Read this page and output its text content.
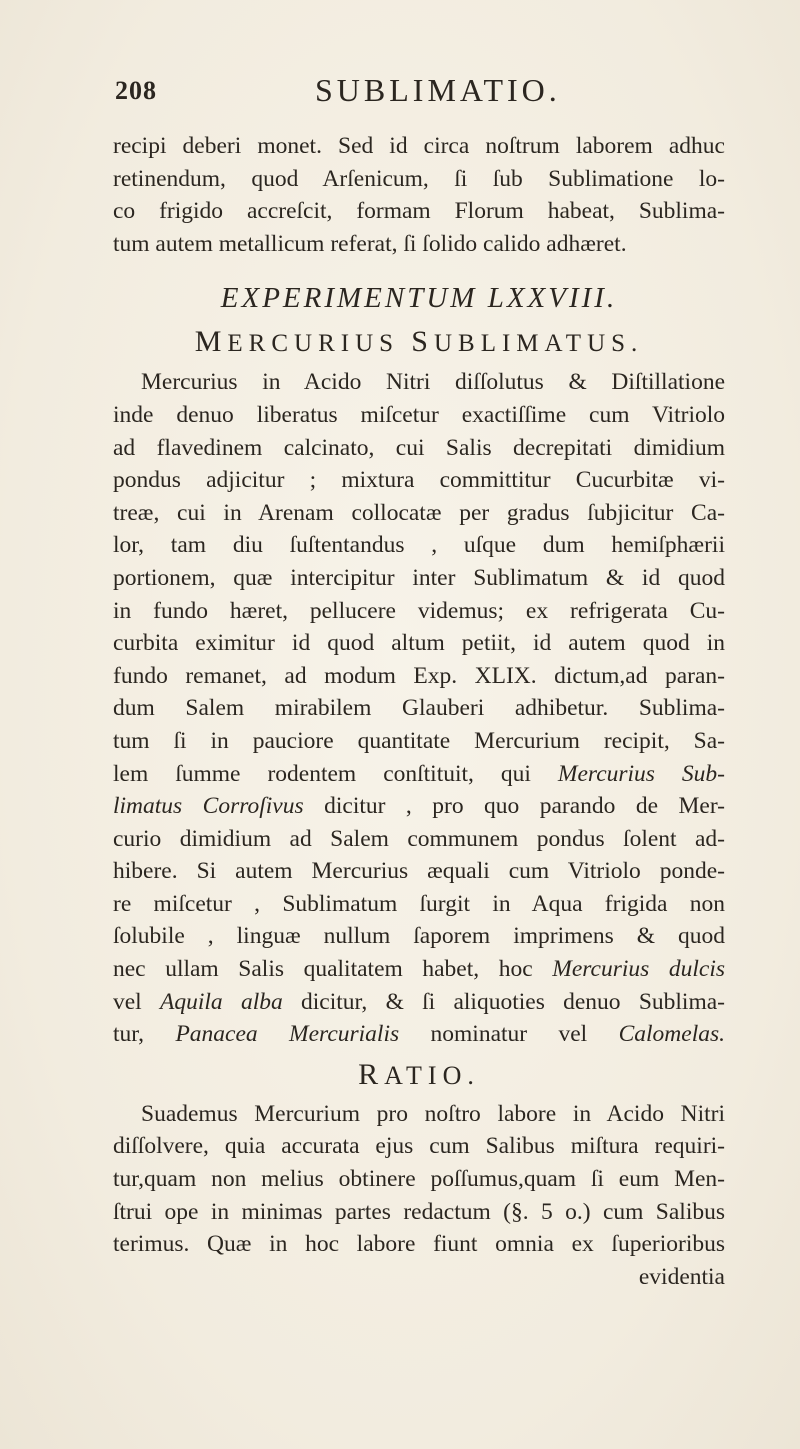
208	SUBLIMATIO.
recipi deberi monet. Sed id circa noſtrum laborem adhuc
retinendum, quod Arſenicum, ſi ſub Sublimatione lo-
co frigido accreſcit, formam Florum habeat, Sublima-
tum autem metallicum referat, ſi ſolido calido adhæret.
EXPERIMENTUM LXXVIII.
MERCURIUS SUBLIMATUS.
Mercurius in Acido Nitri diſſolutus & Diſtillatione
inde denuo liberatus miſcetur exactiſſime cum Vitriolo
ad flavedinem calcinato, cui Salis decrepitati dimidium
pondus adjicitur ; mixtura committitur Cucurbitæ vi-
treæ, cui in Arenam collocatæ per gradus ſubjicitur Ca-
lor, tam diu ſuſtentandus , uſque dum hemiſphærii
portionem, quæ intercipitur inter Sublimatum & id quod
in fundo hæret, pellucere videmus; ex refrigerata Cu-
curbita eximitur id quod altum petiit, id autem quod in
fundo remanet, ad modum Exp. XLIX. dictum,ad paran-
dum Salem mirabilem Glauberi adhibetur. Sublima-
tum ſi in pauciore quantitate Mercurium recipit, Sa-
lem ſumme rodentem conſtituit, qui Mercurius Sub-
limatus Corroſivus dicitur , pro quo parando de Mer-
curio dimidium ad Salem communem pondus ſolent ad-
hibere. Si autem Mercurius æquali cum Vitriolo ponde-
re miſcetur , Sublimatum ſurgit in Aqua frigida non
ſolubile , linguæ nullum ſaporem imprimens & quod
nec ullam Salis qualitatem habet, hoc Mercurius dulcis
vel Aquila alba dicitur, & ſi aliquoties denuo Sublima-
tur, Panacea Mercurialis nominatur vel Calomelas.
RATIO.
Suademus Mercurium pro noſtro labore in Acido Nitri
diſſolvere, quia accurata ejus cum Salibus miſtura requiri-
tur,quam non melius obtinere poſſumus,quam ſi eum Men-
ſtrui ope in minimas partes redactum (§. 5 o.) cum Salibus
terimus. Quæ in hoc labore fiunt omnia ex ſuperioribus
evidentia
